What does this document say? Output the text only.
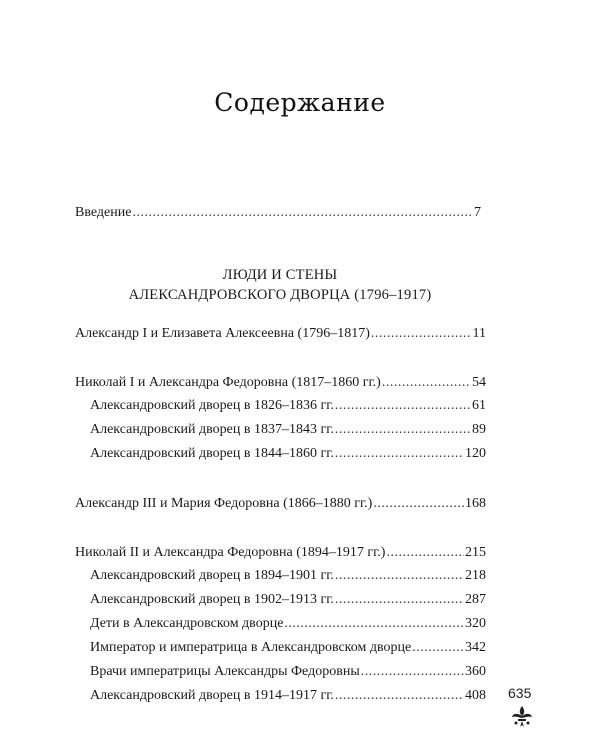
Содержание
Введение .....	7
ЛЮДИ И СТЕНЫ
АЛЕКСАНДРОВСКОГО ДВОРЦА (1796–1917)
Александр I и Елизавета Алексеевна (1796–1817) .....	11
Николай I и Александра Федоровна (1817–1860 гг.) .....	54
Александровский дворец в 1826–1836 гг. .....	61
Александровский дворец в 1837–1843 гг. .....	89
Александровский дворец в 1844–1860 гг. .....	120
Александр III и Мария Федоровна (1866–1880 гг.) .....	168
Николай II и Александра Федоровна (1894–1917 гг.) .....	215
Александровский дворец в 1894–1901 гг. .....	218
Александровский дворец в 1902–1913 гг. .....	287
Дети в Александровском дворце .....	320
Император и императрица в Александровском дворце .....	342
Врачи императрицы Александры Федоровны .....	360
Александровский дворец в 1914–1917 гг. .....	408 635
